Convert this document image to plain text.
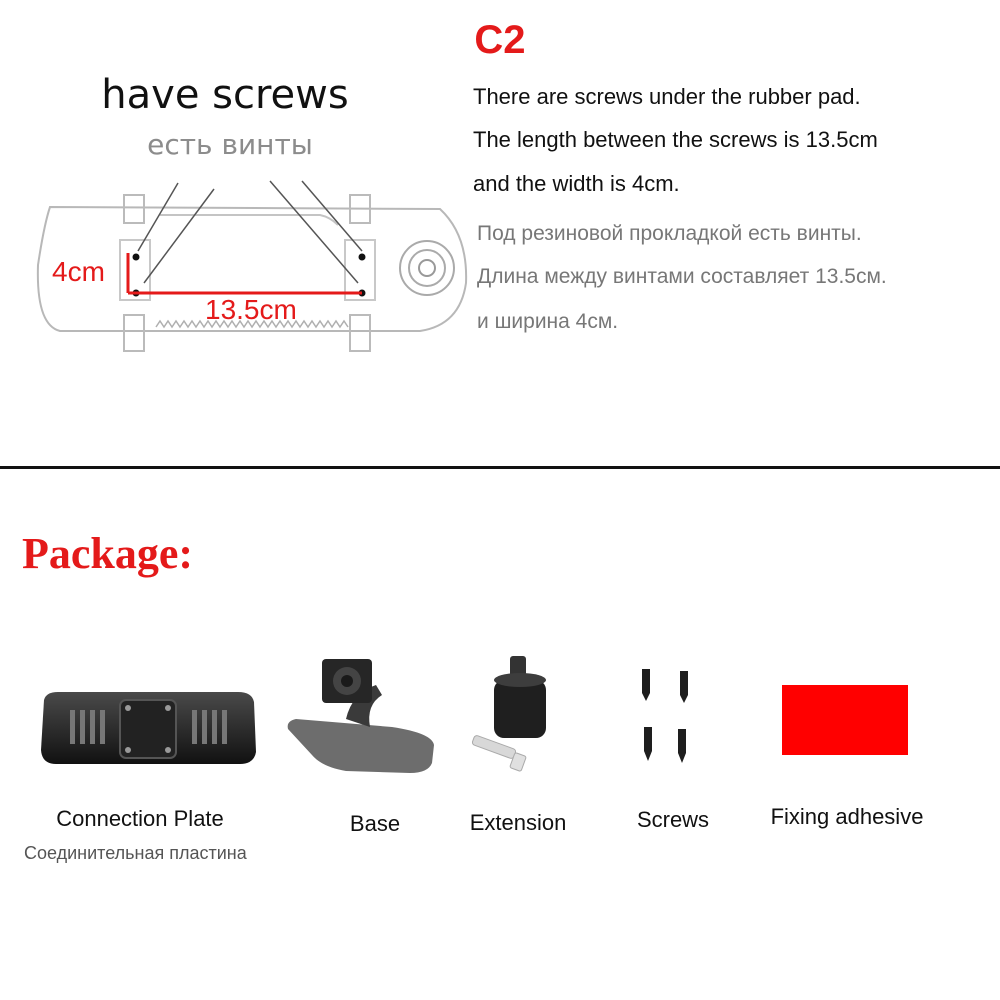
C2
have screws
есть винты
4cm
13.5cm
There are screws under the rubber pad.
The length between the screws is 13.5cm
and the width is 4cm.
Под резиновой прокладкой есть винты.
Длина между винтами составляет 13.5см.
и ширина 4см.
Package:
Connection Plate
Соединительная пластина
Base	Extension	Screws	Fixing adhesive
